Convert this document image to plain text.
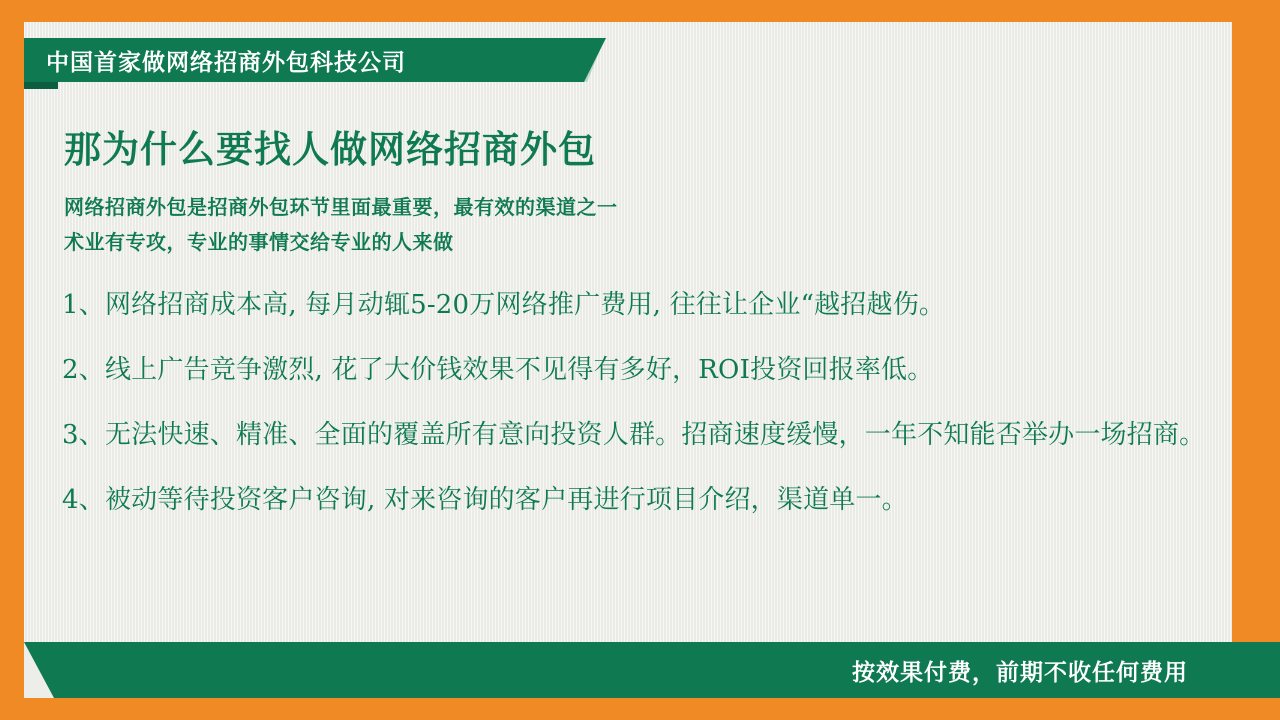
中国首家做网络招商外包科技公司
那为什么要找人做网络招商外包

网络招商外包是招商外包环节里面最重要，最有效的渠道之一

术业有专攻，专业的事情交给专业的人来做

1、网络招商成本高, 每月动辄5-20万网络推广费用, 往往让企业“越招越伤。

2、线上广告竞争激烈, 花了大价钱效果不见得有多好，ROI投资回报率低。

3、无法快速、精准、全面的覆盖所有意向投资人群。招商速度缓慢，一年不知能否举办一场招商。

4、被动等待投资客户咨询, 对来咨询的客户再进行项目介绍，渠道单一。

按效果付费，前期不收任何费用
